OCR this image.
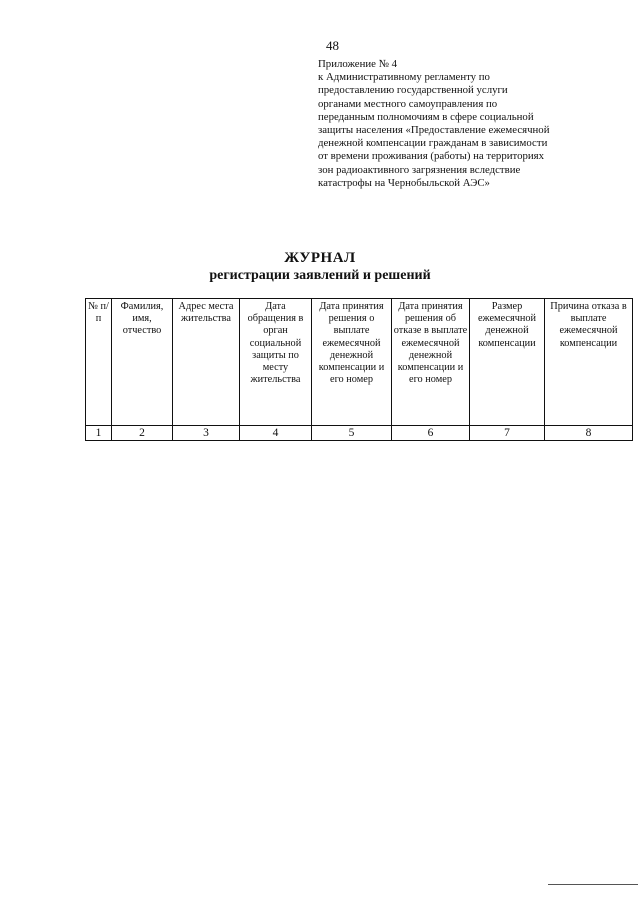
48
Приложение № 4
к Административному регламенту по
предоставлению государственной услуги
органами местного самоуправления по
переданным полномочиям в сфере социальной
защиты населения «Предоставление ежемесячной
денежной компенсации гражданам в зависимости
от времени проживания (работы) на территориях
зон радиоактивного загрязнения вследствие
катастрофы на Чернобыльской АЭС»
ЖУРНАЛ
регистрации заявлений и решений
№ п/п	Фамилия, имя, отчество	Адрес места жительства	Дата обращения в орган социальной защиты по месту жительства	Дата принятия решения о выплате ежемесячной денежной компенсации и его номер	Дата принятия решения об отказе в выплате ежемесячной денежной компенсации и его номер	Размер ежемесячной денежной компенсации	Причина отказа в выплате ежемесячной компенсации
1	2	3	4	5	6	7	8
